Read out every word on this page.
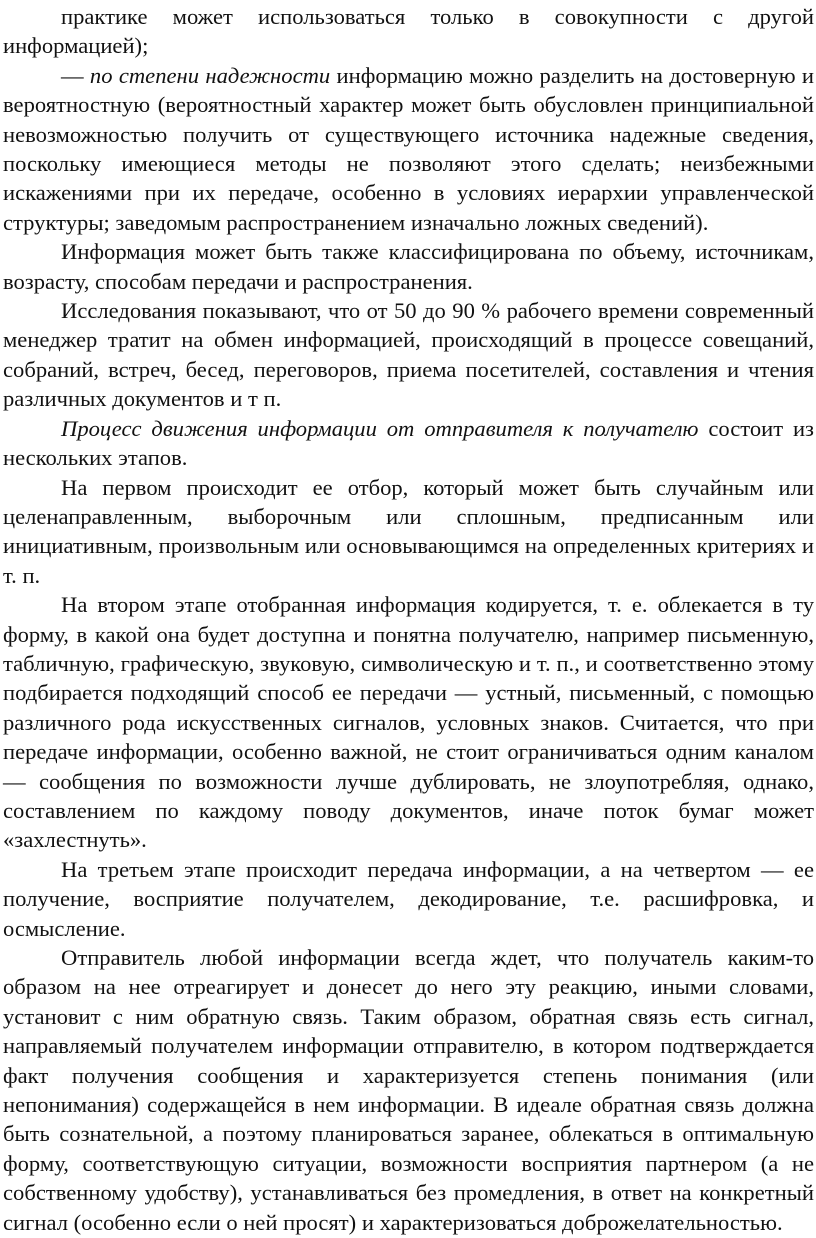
практике может использоваться только в совокупности с другой информацией);

— по степени надежности информацию можно разделить на достоверную и вероятностную (вероятностный характер может быть обусловлен принципиальной невозможностью получить от существующего источника надежные сведения, поскольку имеющиеся методы не позволяют этого сделать; неизбежными искажениями при их передаче, особенно в условиях иерархии управленческой структуры; заведомым распространением изначально ложных сведений).

Информация может быть также классифицирована по объему, источникам, возрасту, способам передачи и распространения.

Исследования показывают, что от 50 до 90 % рабочего времени современный менеджер тратит на обмен информацией, происходящий в процессе совещаний, собраний, встреч, бесед, переговоров, приема посетителей, составления и чтения различных документов и т п.

Процесс движения информации от отправителя к получателю состоит из нескольких этапов.

На первом происходит ее отбор, который может быть случайным или целенаправленным, выборочным или сплошным, предписанным или инициативным, произвольным или основывающимся на определенных критериях и т. п.

На втором этапе отобранная информация кодируется, т. е. облекается в ту форму, в какой она будет доступна и понятна получателю, например письменную, табличную, графическую, звуковую, символическую и т. п., и соответственно этому подбирается подходящий способ ее передачи — устный, письменный, с помощью различного рода искусственных сигналов, условных знаков. Считается, что при передаче информации, особенно важной, не стоит ограничиваться одним каналом — сообщения по возможности лучше дублировать, не злоупотребляя, однако, составлением по каждому поводу документов, иначе поток бумаг может «захлестнуть».

На третьем этапе происходит передача информации, а на четвертом — ее получение, восприятие получателем, декодирование, т.е. расшифровка, и осмысление.

Отправитель любой информации всегда ждет, что получатель каким-то образом на нее отреагирует и донесет до него эту реакцию, иными словами, установит с ним обратную связь. Таким образом, обратная связь есть сигнал, направляемый получателем информации отправителю, в котором подтверждается факт получения сообщения и характеризуется степень понимания (или непонимания) содержащейся в нем информации. В идеале обратная связь должна быть сознательной, а поэтому планироваться заранее, облекаться в оптимальную форму, соответствующую ситуации, возможности восприятия партнером (а не собственному удобству), устанавливаться без промедления, в ответ на конкретный сигнал (особенно если о ней просят) и характеризоваться доброжелательностью.
